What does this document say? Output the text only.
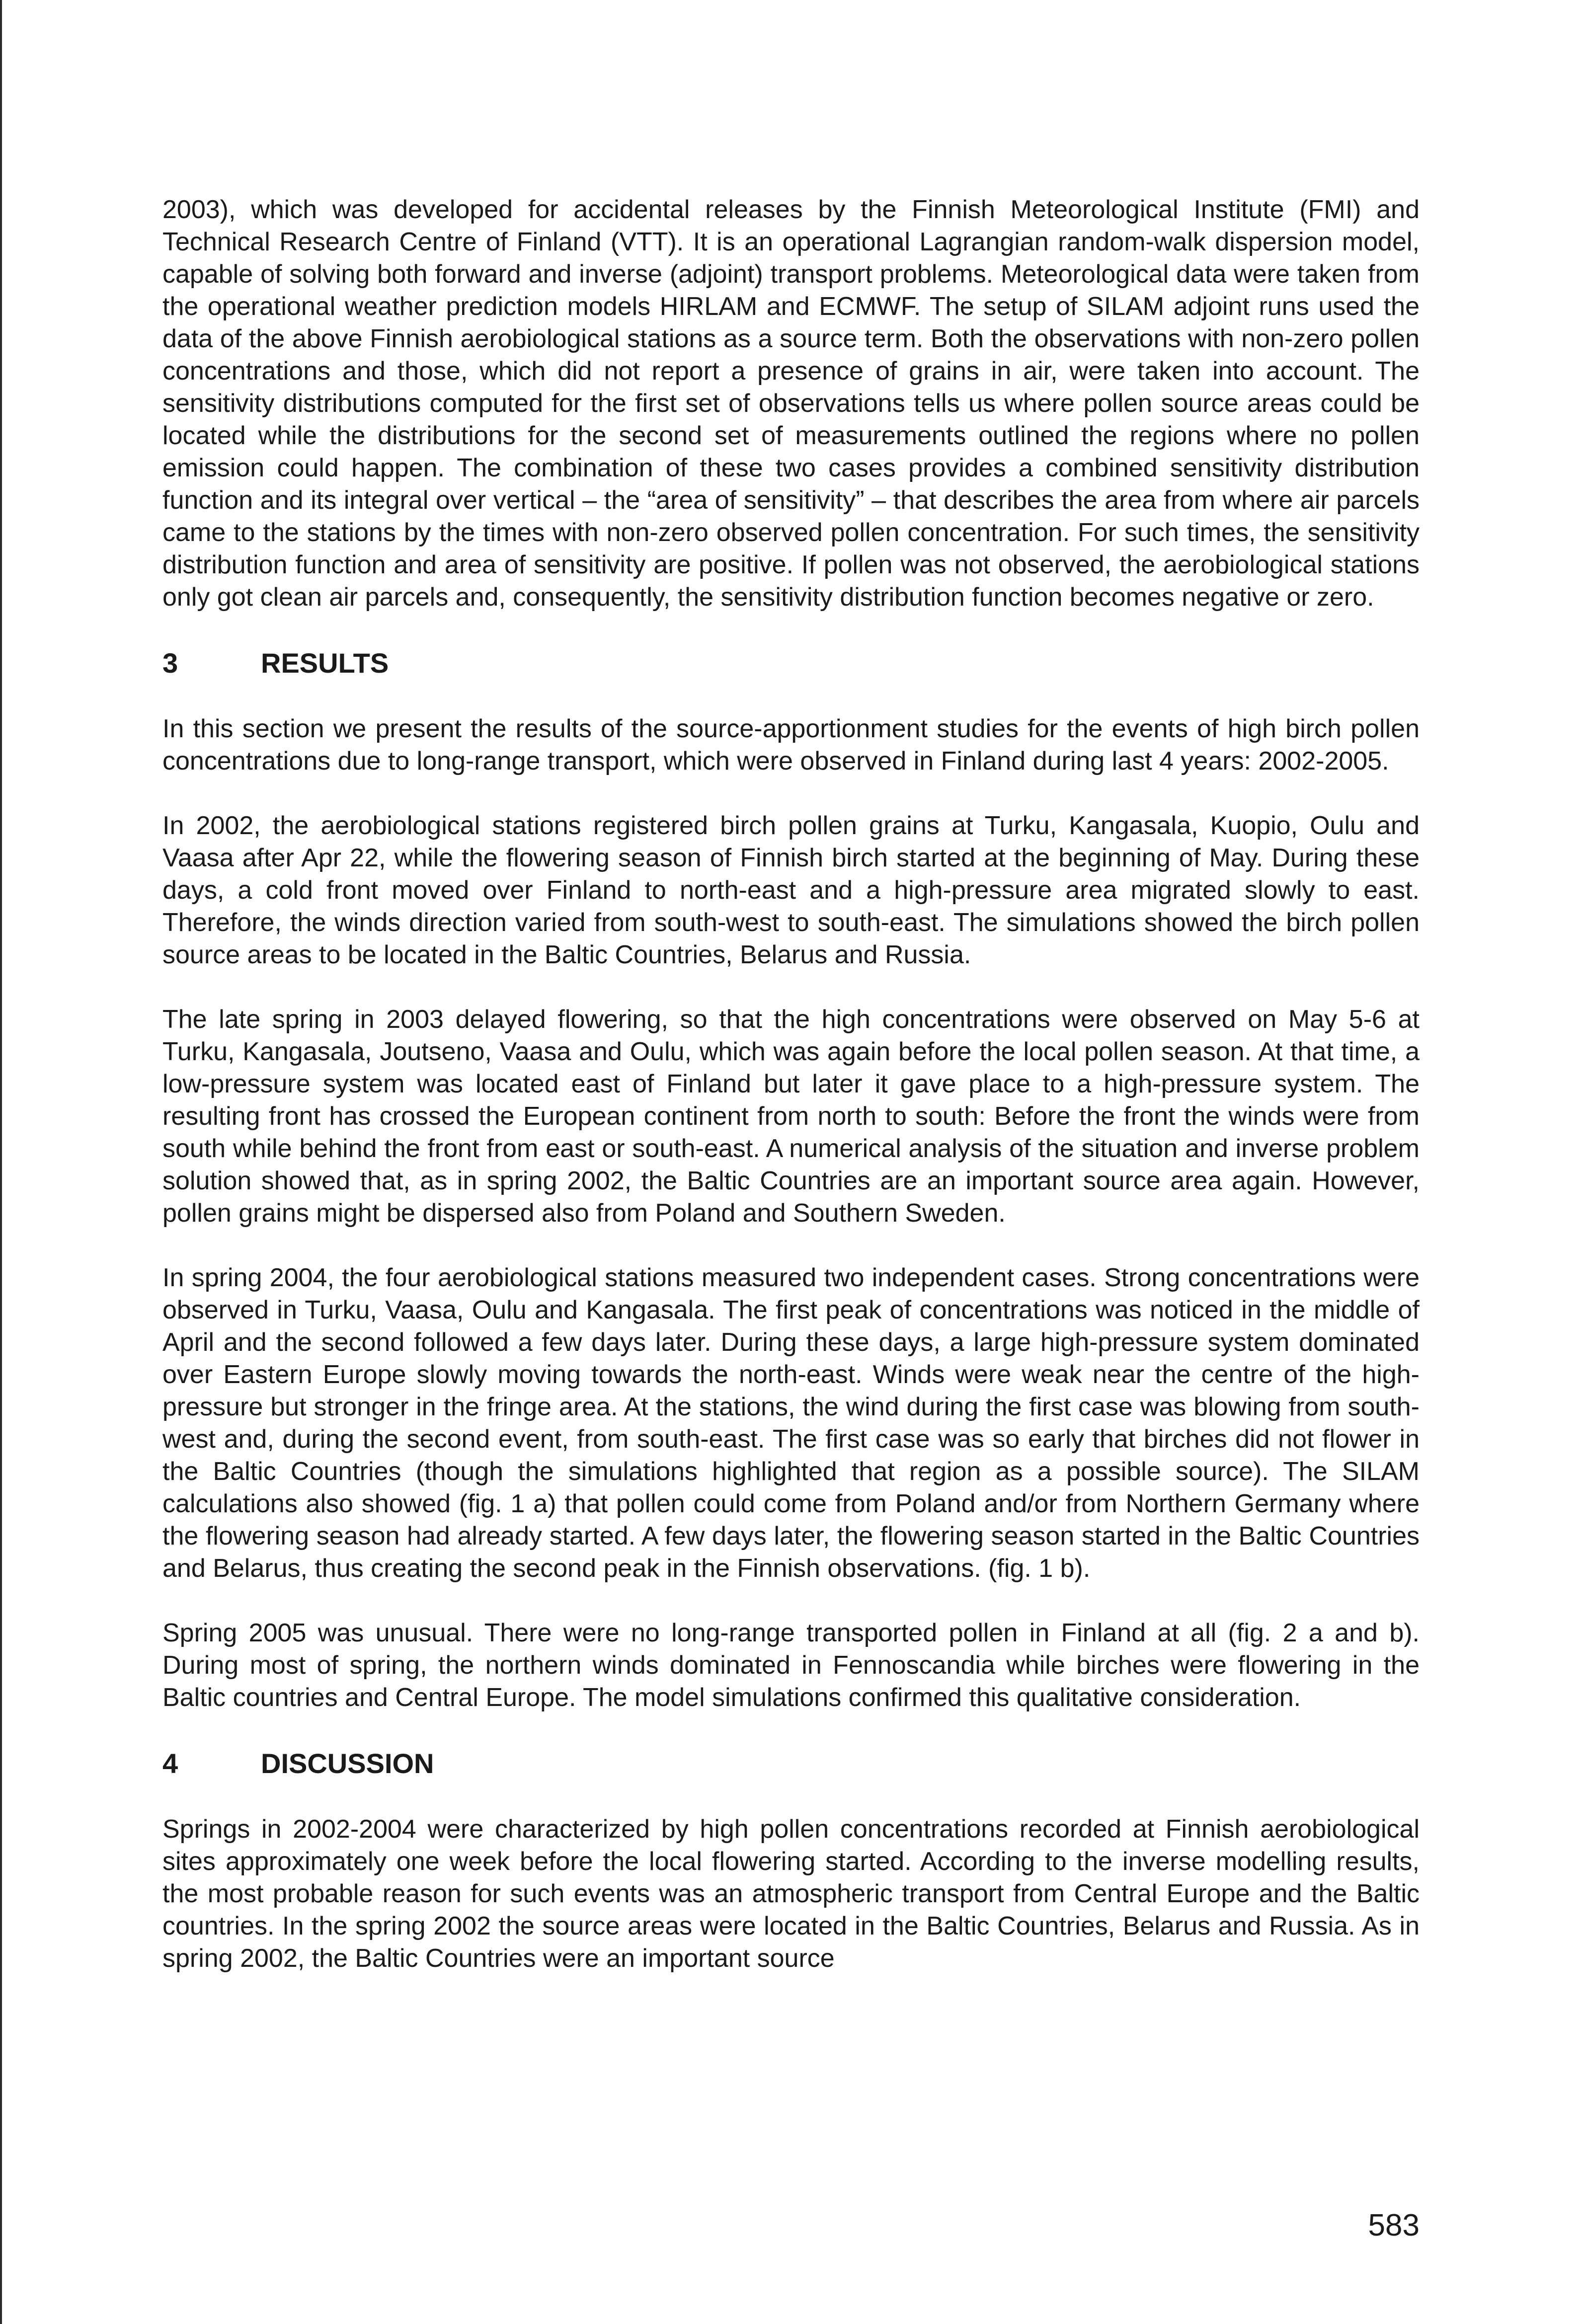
2003), which was developed for accidental releases by the Finnish Meteorological Institute (FMI) and Technical Research Centre of Finland (VTT). It is an operational Lagrangian random-walk dispersion model, capable of solving both forward and inverse (adjoint) transport problems. Meteorological data were taken from the operational weather prediction models HIRLAM and ECMWF. The setup of SILAM adjoint runs used the data of the above Finnish aerobiological stations as a source term. Both the observations with non-zero pollen concentrations and those, which did not report a presence of grains in air, were taken into account. The sensitivity distributions computed for the first set of observations tells us where pollen source areas could be located while the distributions for the second set of measurements outlined the regions where no pollen emission could happen. The combination of these two cases provides a combined sensitivity distribution function and its integral over vertical – the “area of sensitivity” – that describes the area from where air parcels came to the stations by the times with non-zero observed pollen concentration. For such times, the sensitivity distribution function and area of sensitivity are positive. If pollen was not observed, the aerobiological stations only got clean air parcels and, consequently, the sensitivity distribution function becomes negative or zero.

3	RESULTS

In this section we present the results of the source-apportionment studies for the events of high birch pollen concentrations due to long-range transport, which were observed in Finland during last 4 years: 2002-2005.

In 2002, the aerobiological stations registered birch pollen grains at Turku, Kangasala, Kuopio, Oulu and Vaasa after Apr 22, while the flowering season of Finnish birch started at the beginning of May. During these days, a cold front moved over Finland to north-east and a high-pressure area migrated slowly to east. Therefore, the winds direction varied from south-west to south-east. The simulations showed the birch pollen source areas to be located in the Baltic Countries, Belarus and Russia.

The late spring in 2003 delayed flowering, so that the high concentrations were observed on May 5-6 at Turku, Kangasala, Joutseno, Vaasa and Oulu, which was again before the local pollen season. At that time, a low-pressure system was located east of Finland but later it gave place to a high-pressure system. The resulting front has crossed the European continent from north to south: Before the front the winds were from south while behind the front from east or south-east. A numerical analysis of the situation and inverse problem solution showed that, as in spring 2002, the Baltic Countries are an important source area again. However, pollen grains might be dispersed also from Poland and Southern Sweden.

In spring 2004, the four aerobiological stations measured two independent cases. Strong concentrations were observed in Turku, Vaasa, Oulu and Kangasala. The first peak of concentrations was noticed in the middle of April and the second followed a few days later. During these days, a large high-pressure system dominated over Eastern Europe slowly moving towards the north-east. Winds were weak near the centre of the high-pressure but stronger in the fringe area. At the stations, the wind during the first case was blowing from south-west and, during the second event, from south-east. The first case was so early that birches did not flower in the Baltic Countries (though the simulations highlighted that region as a possible source). The SILAM calculations also showed (fig. 1 a) that pollen could come from Poland and/or from Northern Germany where the flowering season had already started. A few days later, the flowering season started in the Baltic Countries and Belarus, thus creating the second peak in the Finnish observations. (fig. 1 b).

Spring 2005 was unusual. There were no long-range transported pollen in Finland at all (fig. 2 a and b). During most of spring, the northern winds dominated in Fennoscandia while birches were flowering in the Baltic countries and Central Europe. The model simulations confirmed this qualitative consideration.

4	DISCUSSION

Springs in 2002-2004 were characterized by high pollen concentrations recorded at Finnish aerobiological sites approximately one week before the local flowering started. According to the inverse modelling results, the most probable reason for such events was an atmospheric transport from Central Europe and the Baltic countries. In the spring 2002 the source areas were located in the Baltic Countries, Belarus and Russia. As in spring 2002, the Baltic Countries were an important source

583
